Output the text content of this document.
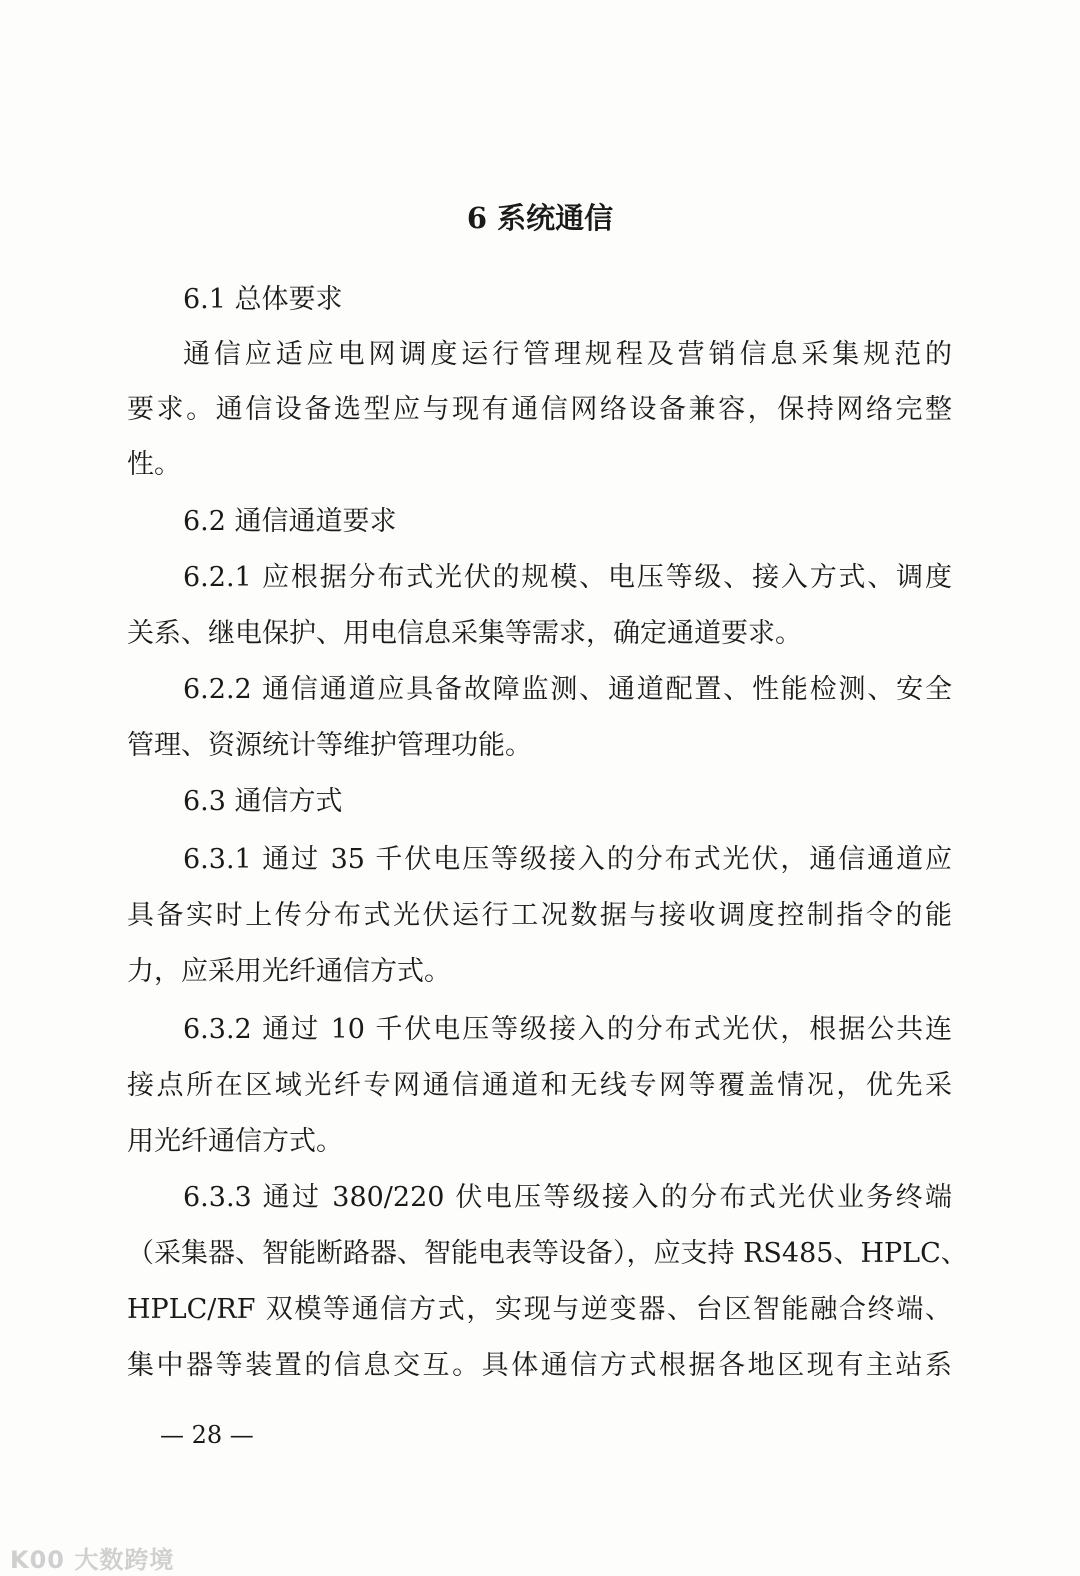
6 系统通信
6.1 总体要求
通信应适应电网调度运行管理规程及营销信息采集规范的
要求。通信设备选型应与现有通信网络设备兼容，保持网络完整
性。
6.2 通信通道要求
6.2.1 应根据分布式光伏的规模、电压等级、接入方式、调度
关系、继电保护、用电信息采集等需求，确定通道要求。
6.2.2 通信通道应具备故障监测、通道配置、性能检测、安全
管理、资源统计等维护管理功能。
6.3 通信方式
6.3.1 通过 35 千伏电压等级接入的分布式光伏，通信通道应
具备实时上传分布式光伏运行工况数据与接收调度控制指令的能
力，应采用光纤通信方式。
6.3.2 通过 10 千伏电压等级接入的分布式光伏，根据公共连
接点所在区域光纤专网通信通道和无线专网等覆盖情况，优先采
用光纤通信方式。
6.3.3 通过 380/220 伏电压等级接入的分布式光伏业务终端
（采集器、智能断路器、智能电表等设备），应支持 RS485、HPLC、
HPLC/RF 双模等通信方式，实现与逆变器、台区智能融合终端、
集中器等装置的信息交互。具体通信方式根据各地区现有主站系
— 28 —
K00 大数跨境
